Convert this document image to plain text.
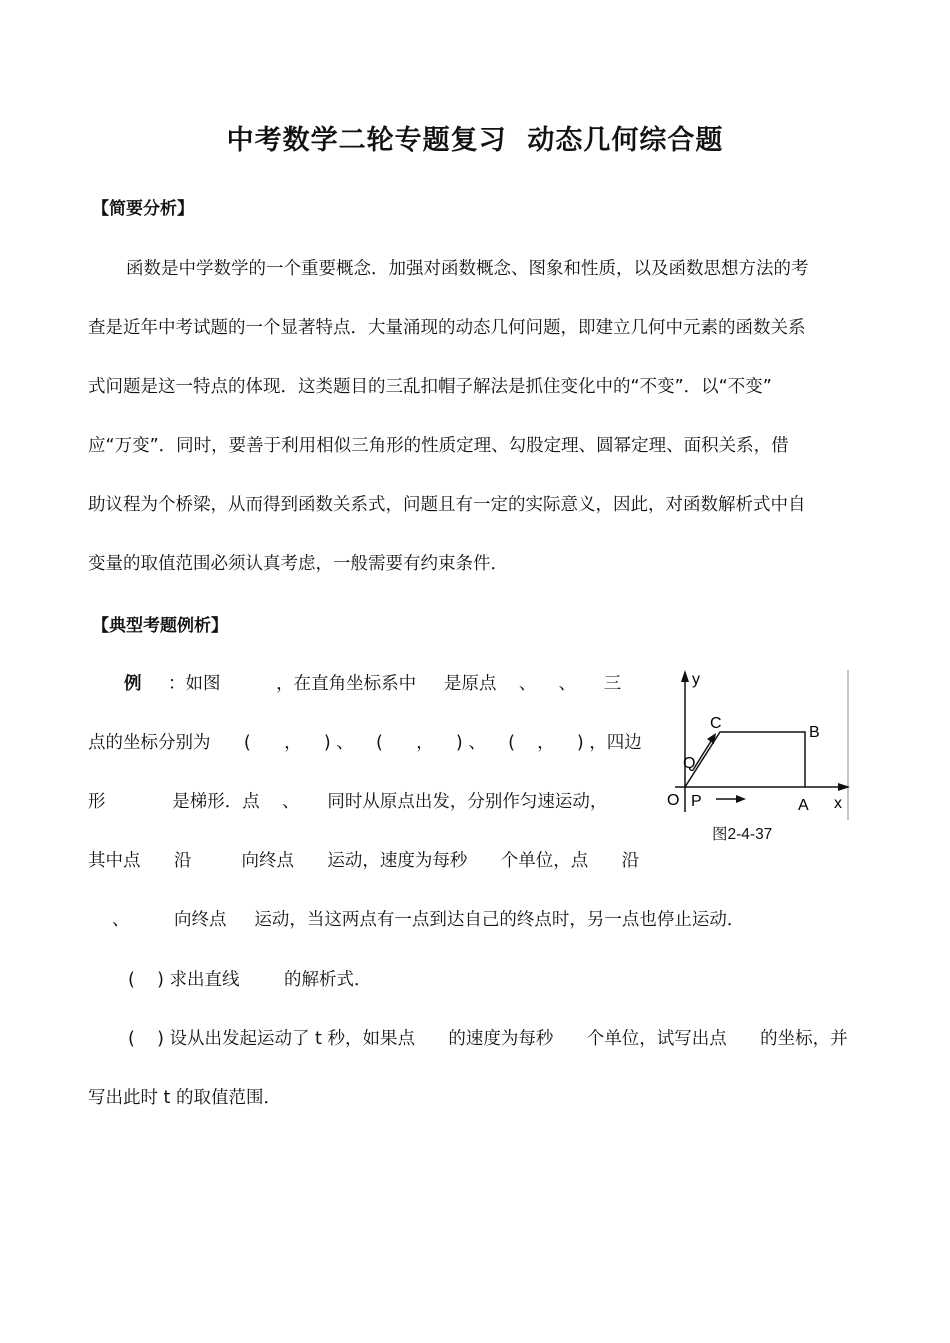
中考数学二轮专题复习  动态几何综合题
【简要分析】
函数是中学数学的一个重要概念．加强对函数概念、图象和性质，以及函数思想方法的考
查是近年中考试题的一个显著特点．大量涌现的动态几何问题，即建立几何中元素的函数关系
式问题是这一特点的体现．这类题目的三乱扣帽子解法是抓住变化中的“不变”．以“不变”
应“万变”．同时，要善于利用相似三角形的性质定理、勾股定理、圆幂定理、面积关系，借
助议程为个桥梁，从而得到函数关系式，问题且有一定的实际意义，因此，对函数解析式中自
变量的取值范围必须认真考虑，一般需要有约束条件．
【典型考题例析】
例 ：如图          ，在直角坐标系中     是原点    、    、     三
点的坐标分别为      (      ，    ) 、    (      ，    ) 、    (    ，    ) ，四边
形            是梯形．点    、     同时从原点出发，分别作匀速运动，
其中点      沿         向终点      运动，速度为每秒      个单位，点      沿
、        向终点     运动，当这两点有一点到达自己的终点时，另一点也停止运动．
(    ) 求出直线        的解析式．
(    ) 设从出发起运动了 t 秒，如果点      的速度为每秒      个单位，试写出点      的坐标，并
写出此时 t 的取值范围．
y
x
O P	A
B
C
Q
图2-4-37
